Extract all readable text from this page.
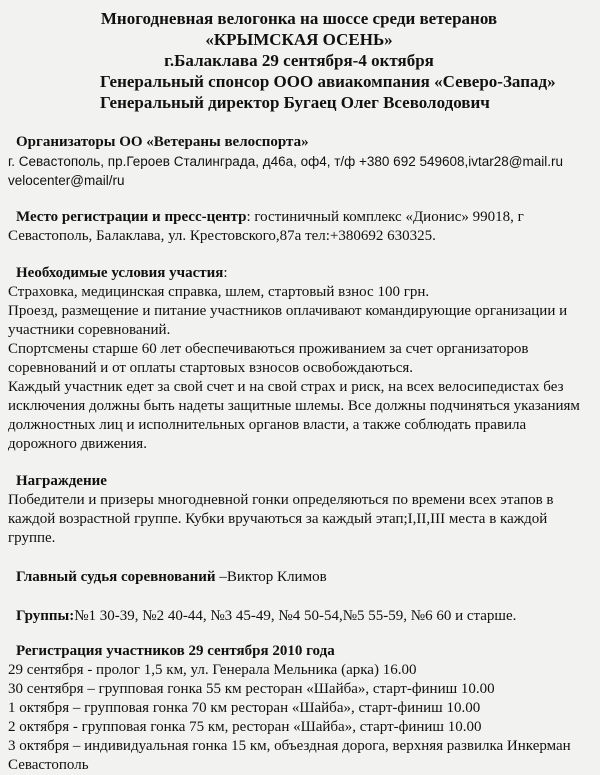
Многодневная велогонка на шоссе среди ветеранов
«КРЫМСКАЯ ОСЕНЬ»
г.Балаклава 29 сентября-4 октября
Генеральный спонсор ООО авиакомпания «Северо-Запад»
Генеральный директор Бугаец Олег Всеволодович

Организаторы ОО «Ветераны велоспорта»

г. Севастополь, пр.Героев Сталинграда, д46а, оф4, т/ф +380 692 549608,ivtar28@mail.ru

velocenter@mail/ru

Место регистрации и пресс-центр: гостиничный комплекс «Дионис» 99018, г

Севастополь, Балаклава, ул. Крестовского,87а тел:+380692 630325.

Необходимые условия участия:

Страховка, медицинская справка, шлем, стартовый взнос 100 грн.

Проезд, размещение и питание участников оплачивают командирующие организации и

участники соревнований.

Спортсмены старше 60 лет обеспечиваються проживанием за счет организаторов

соревнований и от оплаты стартовых взносов освобождаються.

Каждый участник едет за свой счет и на свой страх и риск, на всех велосипедистах без

исключения должны быть надеты защитные шлемы. Все должны подчиняться указаниям

должностных лиц и исполнительных органов власти, а также соблюдать правила

дорожного движения.

Награждение

Победители и призеры многодневной гонки определяються по времени всех этапов в

каждой возрастной группе. Кубки вручаються за каждый этап;I,II,III места в каждой

группе.

Главный судья соревнований –Виктор Климов

Группы:№1 30-39, №2 40-44, №3 45-49, №4 50-54,№5 55-59, №6 60 и старше.

Регистрация участников 29 сентября 2010 года

29 сентября - пролог 1,5 км, ул. Генерала Мельника (арка) 16.00

30 сентября – групповая гонка 55 км ресторан «Шайба», старт-финиш 10.00

1 октября – групповая гонка 70 км ресторан «Шайба», старт-финиш 10.00

2 октября - групповая гонка 75 км, ресторан «Шайба», старт-финиш 10.00

3 октября – индивидуальная гонка 15 км, объездная дорога, верхняя развилка Инкерман

Севастополь
